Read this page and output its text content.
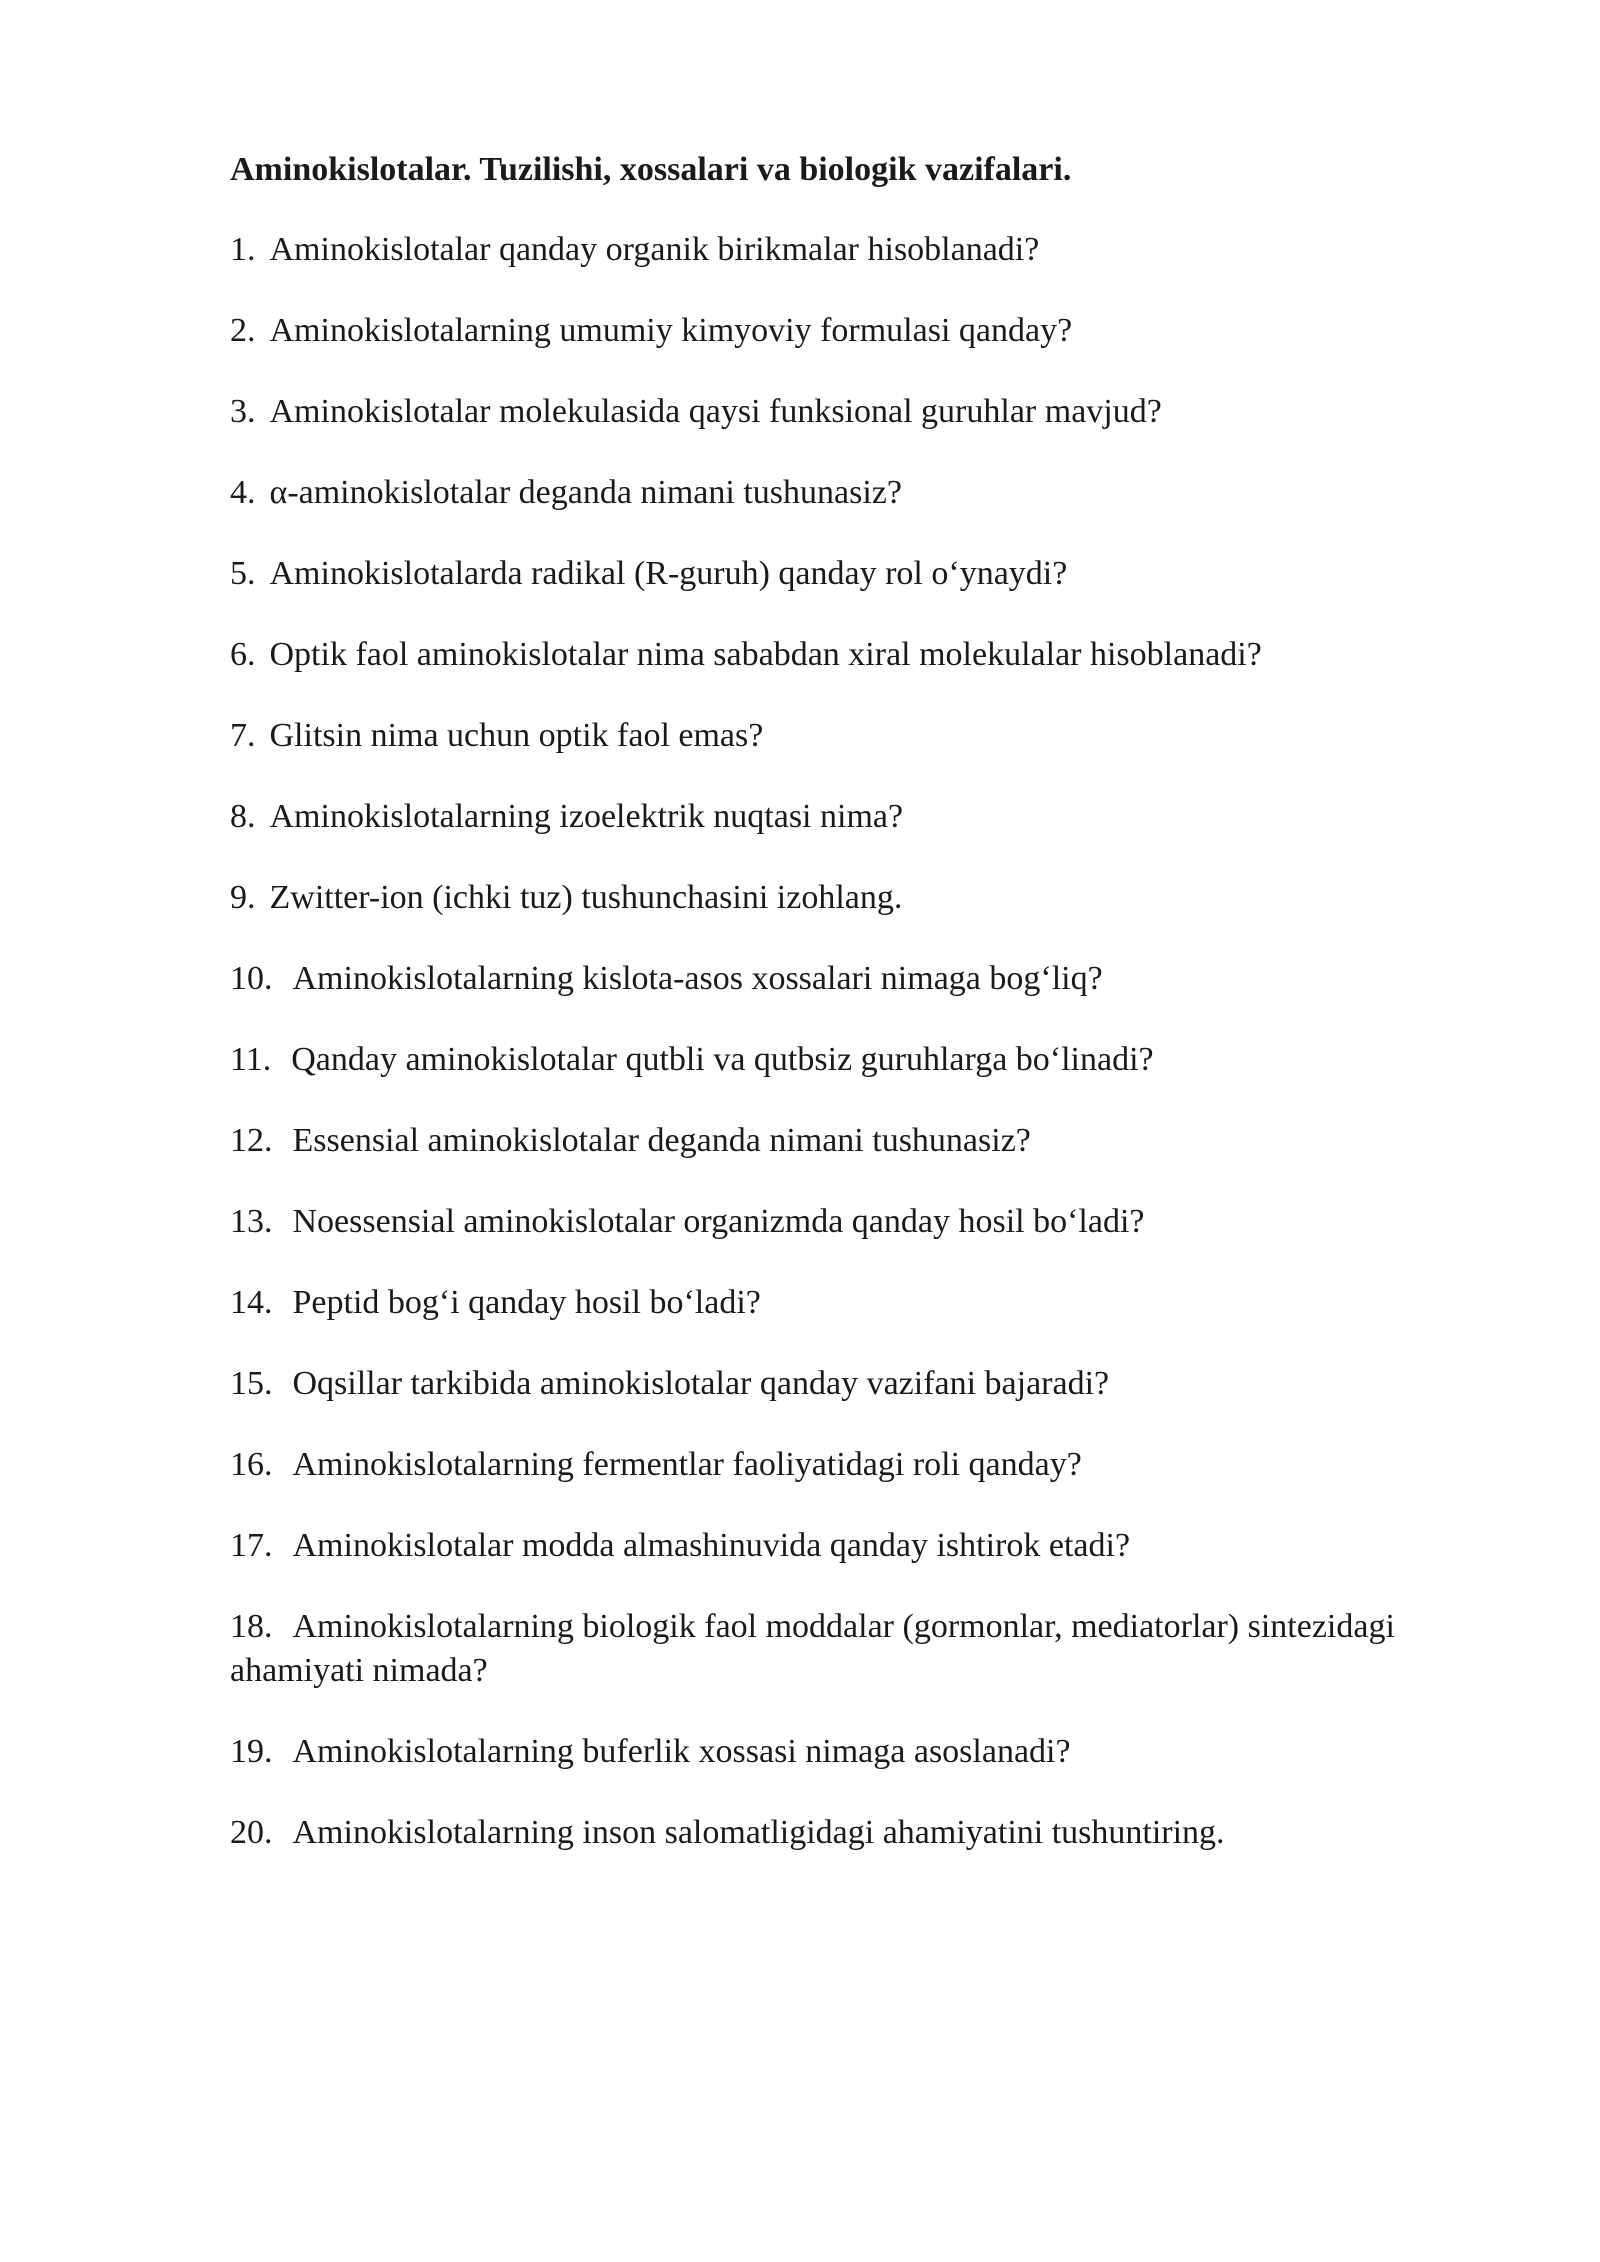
Aminokislotalar. Tuzilishi, xossalari va biologik vazifalari.
1. Aminokislotalar qanday organik birikmalar hisoblanadi?
2. Aminokislotalarning umumiy kimyoviy formulasi qanday?
3. Aminokislotalar molekulasida qaysi funksional guruhlar mavjud?
4. α-aminokislotalar deganda nimani tushunasiz?
5. Aminokislotalarda radikal (R-guruh) qanday rol oʻynaydi?
6. Optik faol aminokislotalar nima sababdan xiral molekulalar hisoblanadi?
7. Glitsin nima uchun optik faol emas?
8. Aminokislotalarning izoelektrik nuqtasi nima?
9. Zwitter-ion (ichki tuz) tushunchasini izohlang.
10. Aminokislotalarning kislota-asos xossalari nimaga bogʻliq?
11. Qanday aminokislotalar qutbli va qutbsiz guruhlarga boʻlinadi?
12. Essensial aminokislotalar deganda nimani tushunasiz?
13. Noessensial aminokislotalar organizmda qanday hosil boʻladi?
14. Peptid bogʻi qanday hosil boʻladi?
15. Oqsillar tarkibida aminokislotalar qanday vazifani bajaradi?
16. Aminokislotalarning fermentlar faoliyatidagi roli qanday?
17. Aminokislotalar modda almashinuvida qanday ishtirok etadi?
18. Aminokislotalarning biologik faol moddalar (gormonlar, mediatorlar) sintezidagi ahamiyati nimada?
19. Aminokislotalarning buferlik xossasi nimaga asoslanadi?
20. Aminokislotalarning inson salomatligidagi ahamiyatini tushuntiring.
